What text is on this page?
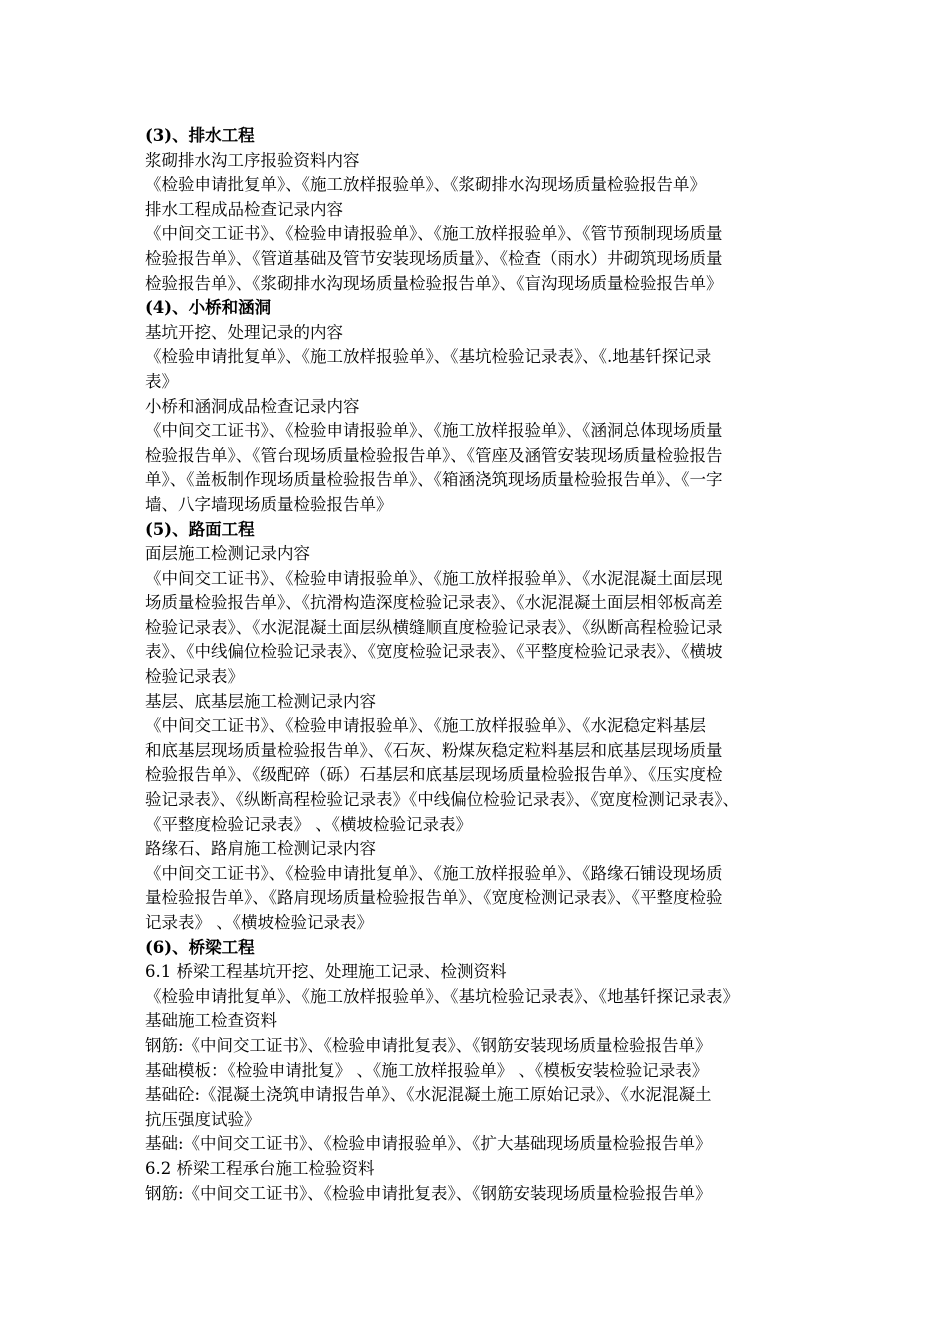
(3)、排水工程
浆砌排水沟工序报验资料内容
《检验申请批复单》、《施工放样报验单》、《浆砌排水沟现场质量检验报告单》
排水工程成品检查记录内容
《中间交工证书》、《检验申请报验单》、《施工放样报验单》、《管节预制现场质量
检验报告单》、《管道基础及管节安装现场质量》、《检查（雨水）井砌筑现场质量
检验报告单》、《浆砌排水沟现场质量检验报告单》、《盲沟现场质量检验报告单》
(4)、小桥和涵洞
基坑开挖、处理记录的内容
《检验申请批复单》、《施工放样报验单》、《基坑检验记录表》、《.地基钎探记录
表》
小桥和涵洞成品检查记录内容
《中间交工证书》、《检验申请报验单》、《施工放样报验单》、《涵洞总体现场质量
检验报告单》、《管台现场质量检验报告单》、《管座及涵管安装现场质量检验报告
单》、《盖板制作现场质量检验报告单》、《箱涵浇筑现场质量检验报告单》、《一字
墙、八字墙现场质量检验报告单》
(5)、路面工程
面层施工检测记录内容
《中间交工证书》、《检验申请报验单》、《施工放样报验单》、《水泥混凝土面层现
场质量检验报告单》、《抗滑构造深度检验记录表》、《水泥混凝土面层相邻板高差
检验记录表》、《水泥混凝土面层纵横缝顺直度检验记录表》、《纵断高程检验记录
表》、《中线偏位检验记录表》、《宽度检验记录表》、《平整度检验记录表》、《横坡
检验记录表》
基层、底基层施工检测记录内容
《中间交工证书》、《检验申请报验单》、《施工放样报验单》、《水泥稳定料基层
和底基层现场质量检验报告单》、《石灰、粉煤灰稳定粒料基层和底基层现场质量
检验报告单》、《级配碎（砾）石基层和底基层现场质量检验报告单》、《压实度检
验记录表》、《纵断高程检验记录表》《中线偏位检验记录表》、《宽度检测记录表》、
《平整度检验记录表》 、《横坡检验记录表》
路缘石、路肩施工检测记录内容
《中间交工证书》、《检验申请批复单》、《施工放样报验单》、《路缘石铺设现场质
量检验报告单》、《路肩现场质量检验报告单》、《宽度检测记录表》、《平整度检验
记录表》 、《横坡检验记录表》
(6)、桥梁工程
6.1 桥梁工程基坑开挖、处理施工记录、检测资料
《检验申请批复单》、《施工放样报验单》、《基坑检验记录表》、《地基钎探记录表》
基础施工检查资料
钢筋:《中间交工证书》、《检验申请批复表》、《钢筋安装现场质量检验报告单》
基础模板：《检验申请批复》 、《施工放样报验单》 、《模板安装检验记录表》
基础砼:《混凝土浇筑申请报告单》、《水泥混凝土施工原始记录》、《水泥混凝土
抗压强度试验》
基础:《中间交工证书》、《检验申请报验单》、《扩大基础现场质量检验报告单》
6.2 桥梁工程承台施工检验资料
钢筋:《中间交工证书》、《检验申请批复表》、《钢筋安装现场质量检验报告单》
